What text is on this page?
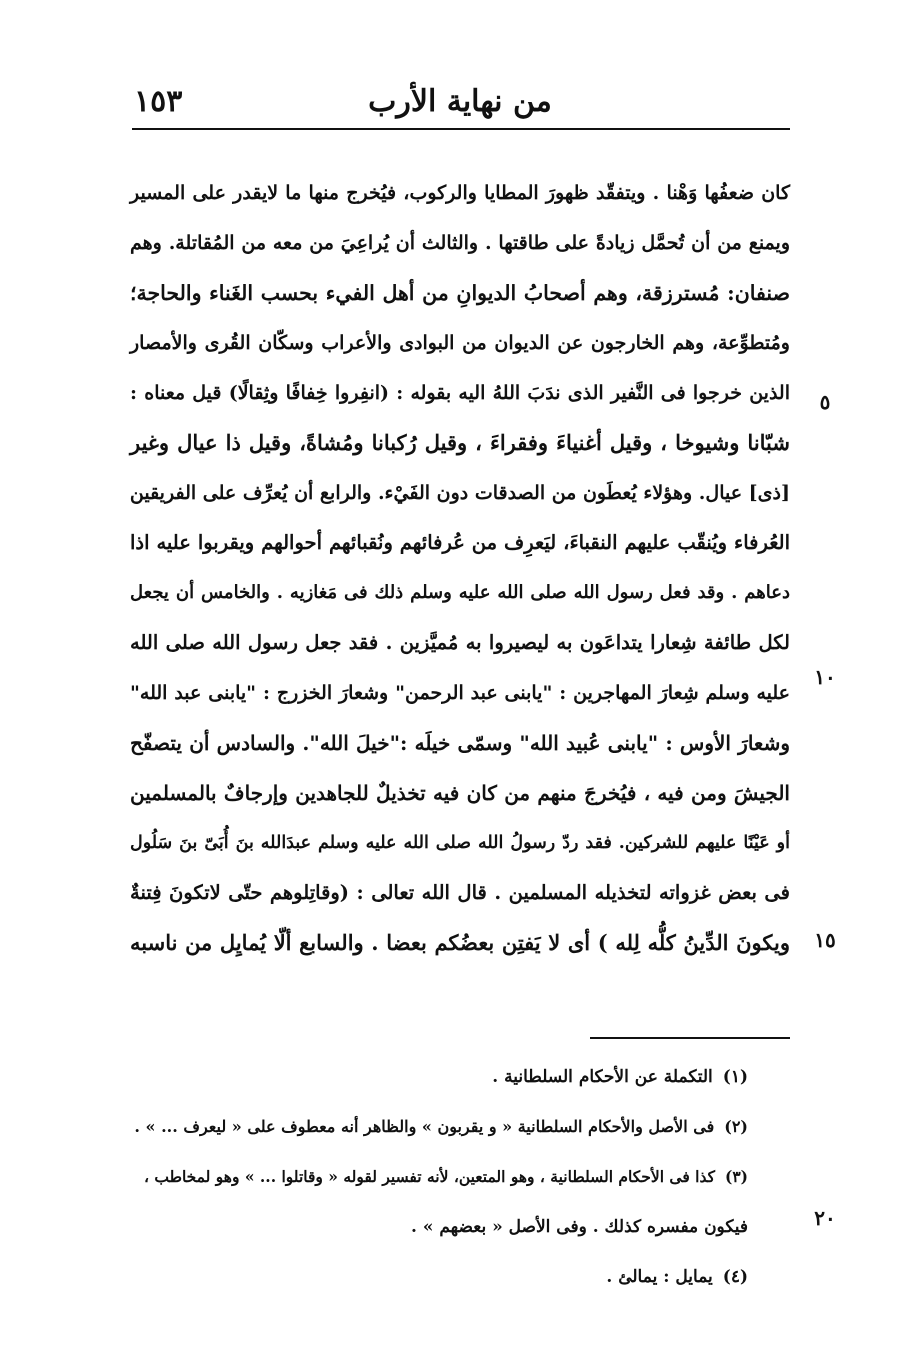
من نهاية الأرب
١٥٣
كان ضعفُها وَهْنا . ويتفقّد ظهورَ المطايا والركوب، فيُخرج منها ما لايقدر على المسير
ويمنع من أن تُحمَّل زيادةً على طاقتها . والثالث أن يُراعِيَ من معه من المُقاتلة. وهم
صنفان: مُسترزقة، وهم أصحابُ الديوانِ من أهل الفيء بحسب الغَناء والحاجة؛
ومُتطوِّعة، وهم الخارجون عن الديوان من البوادى والأعراب وسكّان القُرى والأمصار
الذين خرجوا فى النَّفير الذى ندَبَ اللهُ اليه بقوله : (انفِروا خِفافًا وثِقالًا) قيل معناه :
شبّانا وشيوخا ، وقيل أغنياءَ وفقراءَ ، وقيل رُكبانا ومُشاةً، وقيل ذا عيال وغير
[ذى] عيال. وهؤلاء يُعطَون من الصدقات دون الفَيْء. والرابع أن يُعرِّف على الفريقين
العُرفاء ويُنقّب عليهم النقباءَ، ليَعرِف من عُرفائهم ونُقبائهم أحوالهم ويقربوا عليه اذا
دعاهم . وقد فعل رسول الله صلى الله عليه وسلم ذلك فى مَغازيه . والخامس أن يجعل
لكل طائفة شِعارا يتداعَون به ليصيروا به مُميَّزين . فقد جعل رسول الله صلى الله
عليه وسلم شِعارَ المهاجرين : "يابنى عبد الرحمن" وشعارَ الخزرج : "يابنى عبد الله"
وشعارَ الأوس : "يابنى عُبيد الله" وسمّى خيلَه :"خيلَ الله". والسادس أن يتصفّح
الجيشَ ومن فيه ، فيُخرجَ منهم من كان فيه تخذيلٌ للجاهدين وإرجافٌ بالمسلمين
أو عَيْنًا عليهم للشركين. فقد ردّ رسولُ الله صلى الله عليه وسلم عبدَالله بنَ أُبَىّ بنَ سَلُول
فى بعض غزواته لتخذيله المسلمين . قال الله تعالى : (وقاتِلوهم حتّى لاتكونَ فِتنةٌ
ويكونَ الدِّينُ كلُّه لِله ) أى لا يَفتِن بعضُكم بعضا . والسابع ألّا يُمايِل من ناسبه
٥
١٠
١٥
(١)التكملة عن الأحكام السلطانية .
(٢)فى الأصل والأحكام السلطانية « و يقربون » والظاهر أنه معطوف على « ليعرف ... » .
(٣)كذا فى الأحكام السلطانية ، وهو المتعين، لأنه تفسير لقوله « وقاتلوا ... » وهو لمخاطب ،
فيكون مفسره كذلك . وفى الأصل « بعضهم » .
(٤)يمايل : يمالئ .
٢٠
